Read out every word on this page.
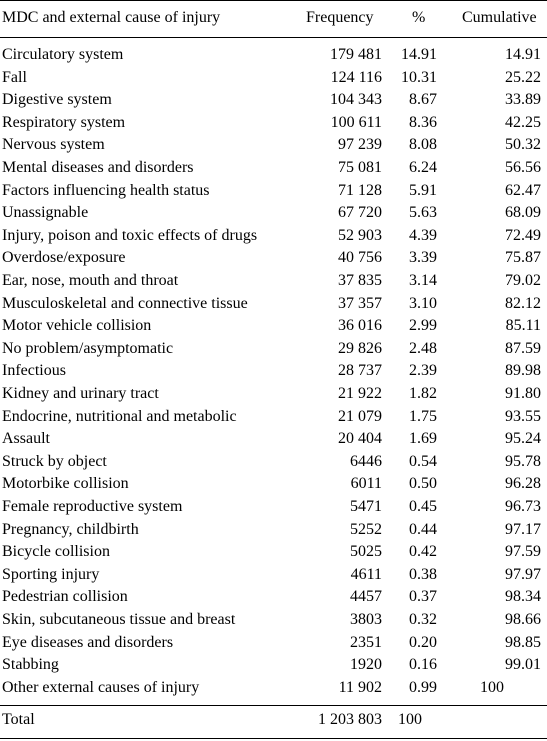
MDC and external cause of injury	Frequency % Cumulative
Circulatory system	179 481 14.91	14.91
Fall	124 116 10.31	25.22
Digestive system	104 343 8.67	33.89
Respiratory system	100 611 8.36	42.25
Nervous system	97 239 8.08	50.32
Mental diseases and disorders	75 081 6.24	56.56
Factors influencing health status	71 128 5.91	62.47
Unassignable	67 720 5.63	68.09
Injury, poison and toxic effects of drugs	52 903 4.39	72.49
Overdose/exposure	40 756 3.39	75.87
Ear, nose, mouth and throat	37 835 3.14	79.02
Musculoskeletal and connective tissue	37 357 3.10	82.12
Motor vehicle collision	36 016 2.99	85.11
No problem/asymptomatic	29 826 2.48	87.59
Infectious	28 737 2.39	89.98
Kidney and urinary tract	21 922 1.82	91.80
Endocrine, nutritional and metabolic	21 079 1.75	93.55
Assault	20 404 1.69	95.24
Struck by object	6446 0.54	95.78
Motorbike collision	6011 0.50	96.28
Female reproductive system	5471 0.45	96.73
Pregnancy, childbirth	5252 0.44	97.17
Bicycle collision	5025 0.42	97.59
Sporting injury	4611 0.38	97.97
Pedestrian collision	4457 0.37	98.34
Skin, subcutaneous tissue and breast	3803 0.32	98.66
Eye diseases and disorders	2351 0.20	98.85
Stabbing	1920 0.16	99.01
Other external causes of injury	11 902 0.99	100
Total	1 203 803 100
